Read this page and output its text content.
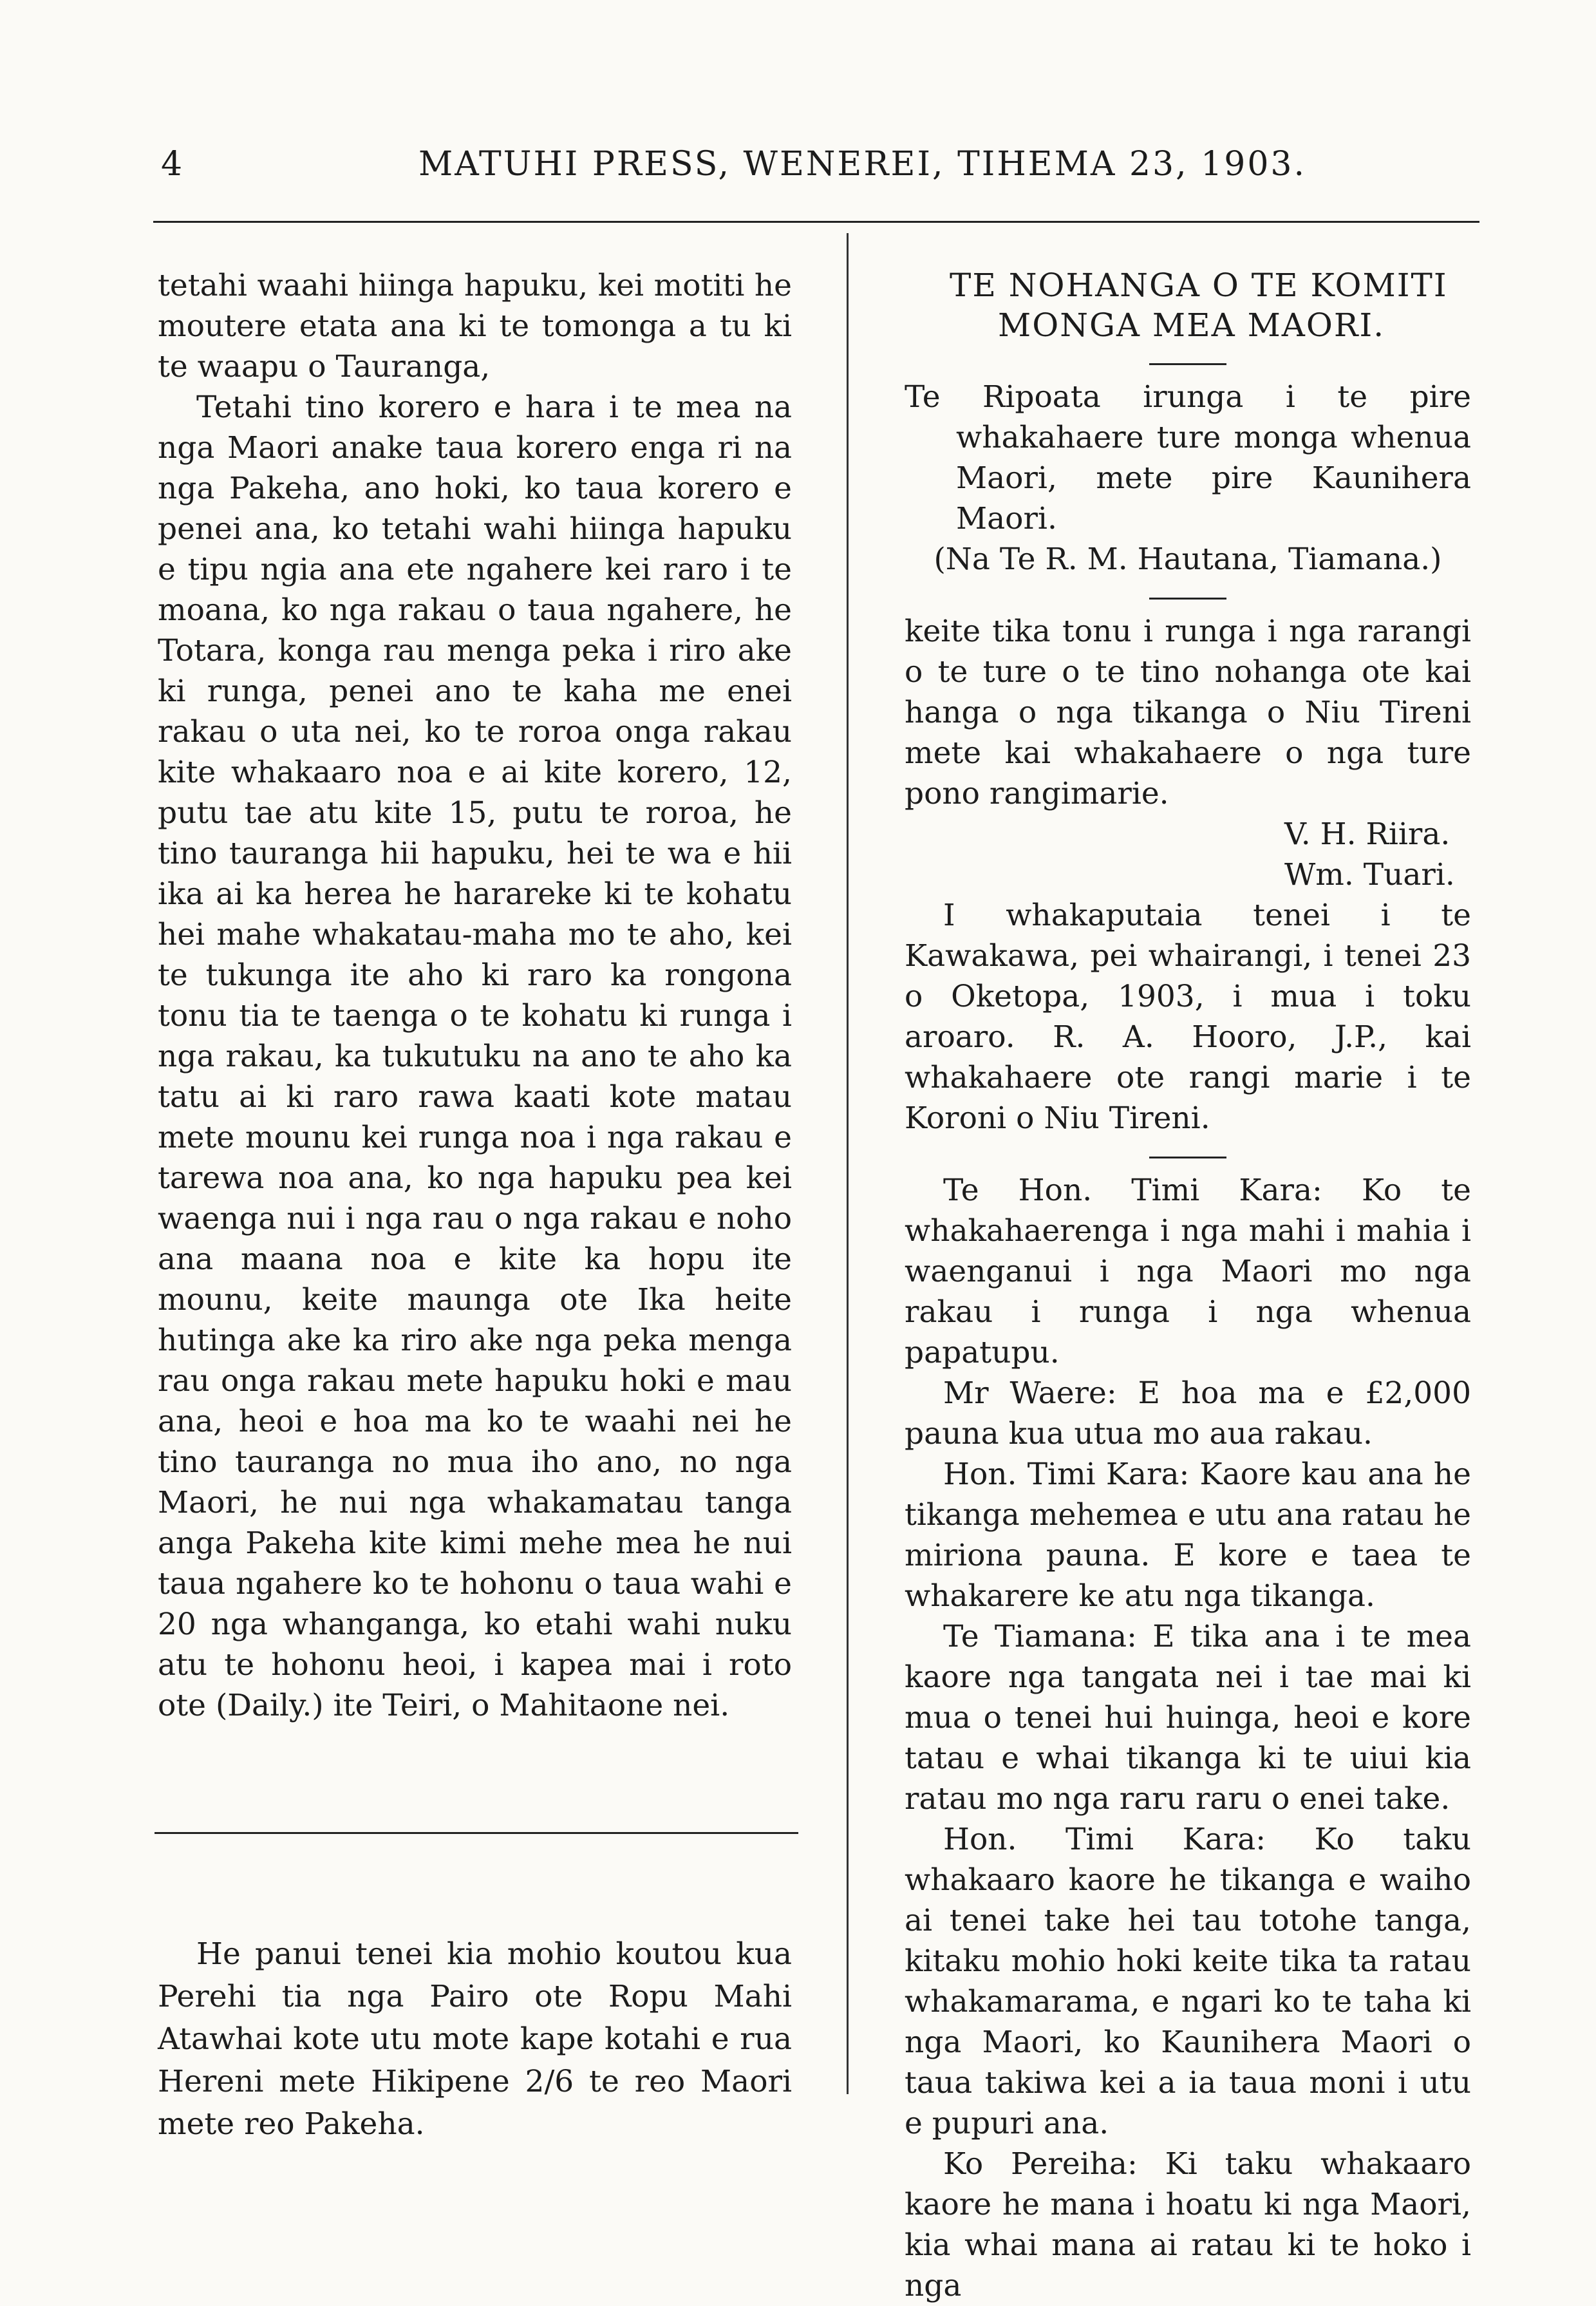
4	MATUHI PRESS, WENEREI, TIHEMA 23, 1903.

tetahi waahi hiinga hapuku, kei motiti he moutere etata ana ki te tomonga a tu ki te waapu o Tauranga,

Tetahi tino korero e hara i te mea na nga Maori anake taua korero enga ri na nga Pakeha, ano hoki, ko taua korero e penei ana, ko tetahi wahi hiinga hapuku e tipu ngia ana ete ngahere kei raro i te moana, ko nga rakau o taua ngahere, he Totara, konga rau menga peka i riro ake ki runga, penei ano te kaha me enei rakau o uta nei, ko te roroa onga rakau kite whakaaro noa e ai kite korero, 12, putu tae atu kite 15, putu te roroa, he tino tauranga hii hapuku, hei te wa e hii ika ai ka herea he harareke ki te kohatu hei mahe whakatau-maha mo te aho, kei te tukunga ite aho ki raro ka rongona tonu tia te taenga o te kohatu ki runga i nga rakau, ka tukutuku na ano te aho ka tatu ai ki raro rawa kaati kote matau mete mounu kei runga noa i nga rakau e tarewa noa ana, ko nga hapuku pea kei waenga nui i nga rau o nga rakau e noho ana maana noa e kite ka hopu ite mounu, keite maunga ote Ika heite hutinga ake ka riro ake nga peka menga rau onga rakau mete hapuku hoki e mau ana, heoi e hoa ma ko te waahi nei he tino tauranga no mua iho ano, no nga Maori, he nui nga whakamatau tanga anga Pakeha kite kimi mehe mea he nui taua ngahere ko te hohonu o taua wahi e 20 nga whanganga, ko etahi wahi nuku atu te hohonu heoi, i kapea mai i roto ote (Daily.) ite Teiri, o Mahitaone nei.

He panui tenei kia mohio koutou kua Perehi tia nga Pairo ote Ropu Mahi Atawhai kote utu mote kape kotahi e rua Hereni mete Hikipene 2/6 te reo Maori mete reo Pakeha.

TE NOHANGA O TE KOMITI
MONGA MEA MAORI.

Te Ripoata irunga i te pire whakahaere ture monga whenua Maori, mete pire Kaunihera Maori.

(Na Te R. M. Hautana, Tiamana.)

keite tika tonu i runga i nga rarangi o te ture o te tino nohanga ote kai hanga o nga tikanga o Niu Tireni mete kai whakahaere o nga ture pono rangimarie.

V. H. Riira.

Wm. Tuari.

I whakaputaia tenei i te Kawakawa, pei whairangi, i tenei 23 o Oketopa, 1903, i mua i toku aroaro. R. A. Hooro, J.P., kai whakahaere ote rangi marie i te Koroni o Niu Tireni.

Te Hon. Timi Kara: Ko te whakahaerenga i nga mahi i mahia i waenganui i nga Maori mo nga rakau i runga i nga whenua papatupu.

Mr Waere: E hoa ma e £2,000 pauna kua utua mo aua rakau.

Hon. Timi Kara: Kaore kau ana he tikanga mehemea e utu ana ratau he miriona pauna. E kore e taea te whakarere ke atu nga tikanga.

Te Tiamana: E tika ana i te mea kaore nga tangata nei i tae mai ki mua o tenei hui huinga, heoi e kore tatau e whai tikanga ki te uiui kia ratau mo nga raru raru o enei take.

Hon. Timi Kara: Ko taku whakaaro kaore he tikanga e waiho ai tenei take hei tau totohe tanga, kitaku mohio hoki keite tika ta ratau whakamarama, e ngari ko te taha ki nga Maori, ko Kaunihera Maori o taua takiwa kei a ia taua moni i utu e pupuri ana.

Ko Pereiha: Ki taku whakaaro kaore he mana i hoatu ki nga Maori, kia whai mana ai ratau ki te hoko i nga
